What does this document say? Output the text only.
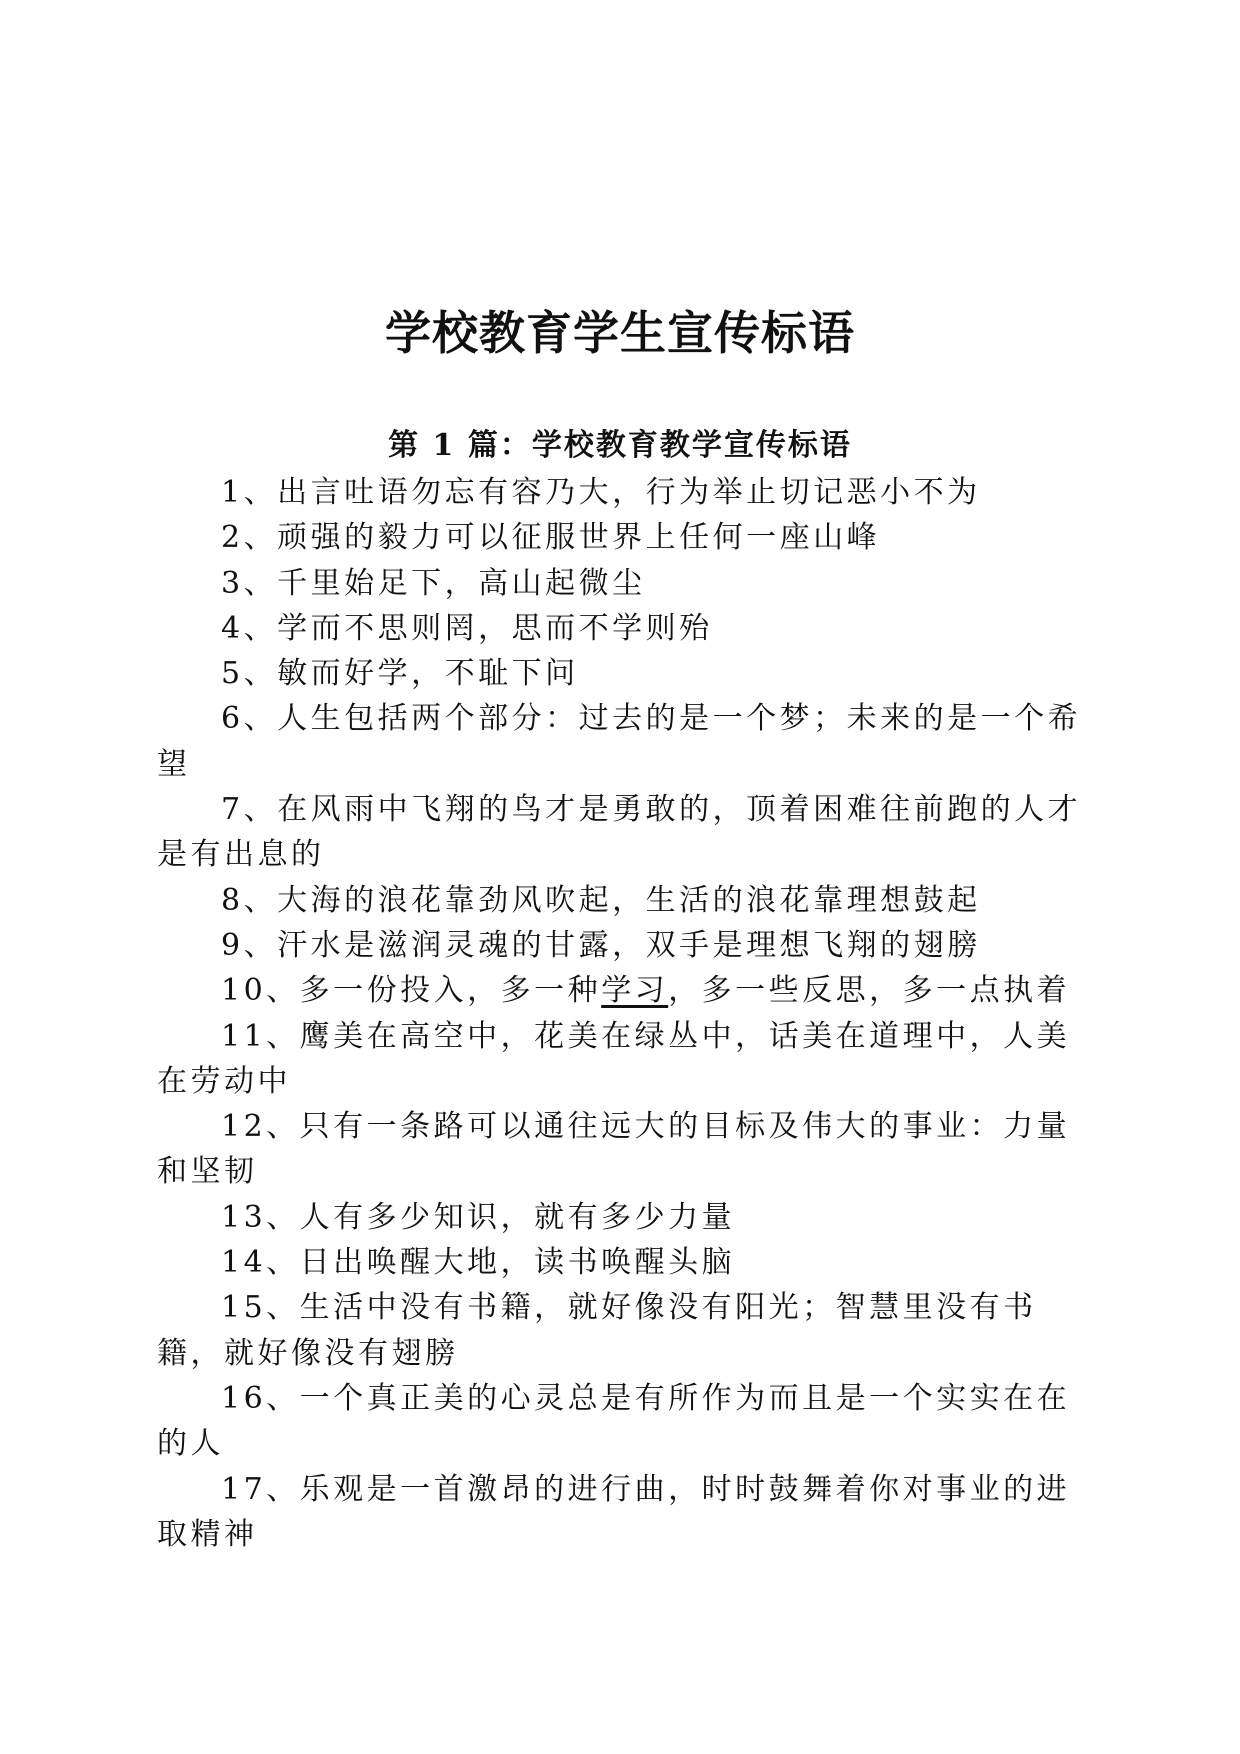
学校教育学生宣传标语
第 1 篇：学校教育教学宣传标语

1、出言吐语勿忘有容乃大，行为举止切记恶小不为

2、顽强的毅力可以征服世界上任何一座山峰

3、千里始足下，高山起微尘

4、学而不思则罔，思而不学则殆

5、敏而好学，不耻下问

6、人生包括两个部分：过去的是一个梦；未来的是一个希望

7、在风雨中飞翔的鸟才是勇敢的，顶着困难往前跑的人才是有出息的

8、大海的浪花靠劲风吹起，生活的浪花靠理想鼓起

9、汗水是滋润灵魂的甘露，双手是理想飞翔的翅膀

10、多一份投入，多一种学习，多一些反思，多一点执着

11、鹰美在高空中，花美在绿丛中，话美在道理中，人美在劳动中

12、只有一条路可以通往远大的目标及伟大的事业：力量和坚韧

13、人有多少知识，就有多少力量

14、日出唤醒大地，读书唤醒头脑

15、生活中没有书籍，就好像没有阳光；智慧里没有书籍，就好像没有翅膀

16、一个真正美的心灵总是有所作为而且是一个实实在在的人

17、乐观是一首激昂的进行曲，时时鼓舞着你对事业的进取精神
